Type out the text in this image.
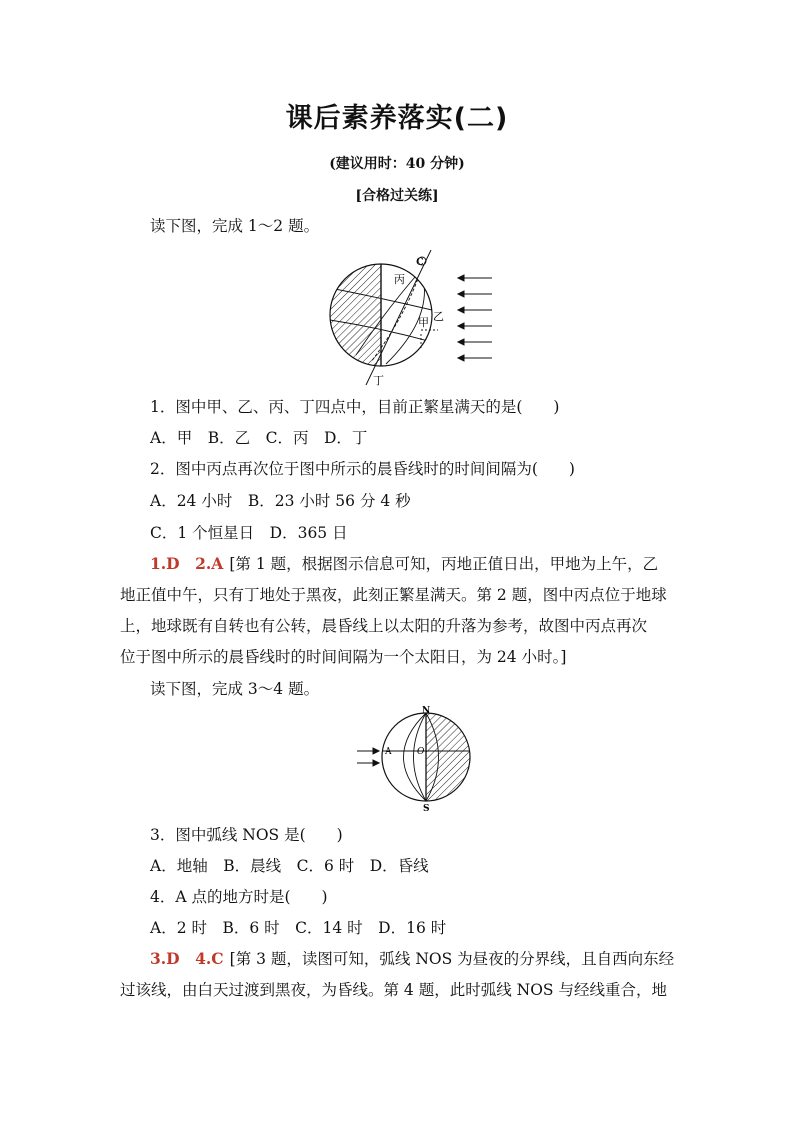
课后素养落实(二)
(建议用时：40 分钟)
[合格过关练]
读下图，完成 1～2 题。
C
丙
甲 乙
丁
1．图中甲、乙、丙、丁四点中，目前正繁星满天的是(　　)
A．甲　B．乙　C．丙　D．丁
2．图中丙点再次位于图中所示的晨昏线时的时间间隔为(　　)
A．24 小时　B．23 小时 56 分 4 秒
C．1 个恒星日　D．365 日
1.D　2.A [第 1 题，根据图示信息可知，丙地正值日出，甲地为上午，乙
地正值中午，只有丁地处于黑夜，此刻正繁星满天。第 2 题，图中丙点位于地球
上，地球既有自转也有公转，晨昏线上以太阳的升落为参考，故图中丙点再次
位于图中所示的晨昏线时的时间间隔为一个太阳日，为 24 小时。]
读下图，完成 3～4 题。
N
S
A	O
3．图中弧线 NOS 是(　　)
A．地轴　B．晨线　C．6 时　D．昏线
4．A 点的地方时是(　　)
A．2 时　B．6 时　C．14 时　D．16 时
3.D　4.C [第 3 题，读图可知，弧线 NOS 为昼夜的分界线，且自西向东经
过该线，由白天过渡到黑夜，为昏线。第 4 题，此时弧线 NOS 与经线重合，地
